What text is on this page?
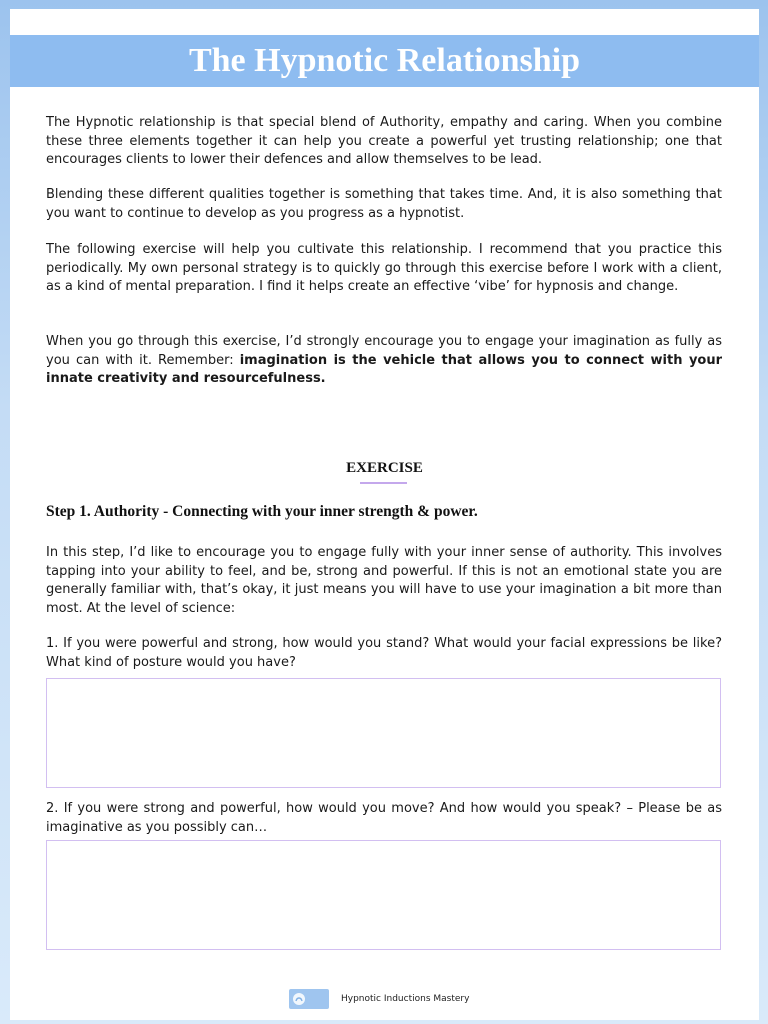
The Hypnotic Relationship

The Hypnotic relationship is that special blend of Authority, empathy and caring. When you combine these three elements together it can help you create a powerful yet trusting relationship; one that encourages clients to lower their defences and allow themselves to be lead.

Blending these different qualities together is something that takes time. And, it is also something that you want to continue to develop as you progress as a hypnotist.

The following exercise will help you cultivate this relationship. I recommend that you practice this periodically. My own personal strategy is to quickly go through this exercise before I work with a client, as a kind of mental preparation. I find it helps create an effective ‘vibe’ for hypnosis and change.

When you go through this exercise, I’d strongly encourage you to engage your imagination as fully as you can with it. Remember: imagination is the vehicle that allows you to connect with your innate creativity and resourcefulness.

EXERCISE

Step 1. Authority - Connecting with your inner strength & power.

In this step, I’d like to encourage you to engage fully with your inner sense of authority. This involves tapping into your ability to feel, and be, strong and powerful. If this is not an emotional state you are generally familiar with, that’s okay, it just means you will have to use your imagination a bit more than most. At the level of science:

1. If you were powerful and strong, how would you stand? What would your facial expressions be like? What kind of posture would you have?

2. If you were strong and powerful, how would you move? And how would you speak? – Please be as imaginative as you possibly can…

Hypnotic Inductions Mastery
